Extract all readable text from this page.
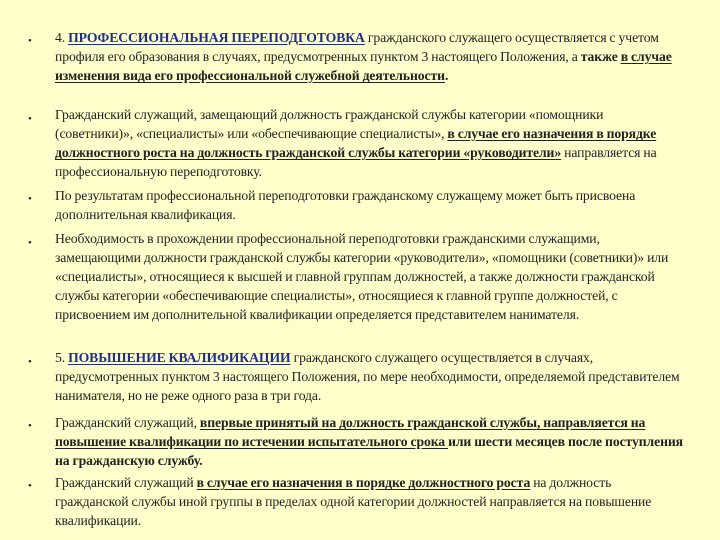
• 4. ПРОФЕССИОНАЛЬНАЯ ПЕРЕПОДГОТОВКА гражданского служащего осуществляется с учетом профиля его образования в случаях, предусмотренных пунктом 3 настоящего Положения, а также в случае изменения вида его профессиональной служебной деятельности.
• Гражданский служащий, замещающий должность гражданской службы категории «помощники (советники)», «специалисты» или «обеспечивающие специалисты», в случае его назначения в порядке должностного роста на должность гражданской службы категории «руководители» направляется на профессиональную переподготовку.
• По результатам профессиональной переподготовки гражданскому служащему может быть присвоена дополнительная квалификация.
• Необходимость в прохождении профессиональной переподготовки гражданскими служащими, замещающими должности гражданской службы категории «руководители», «помощники (советники)» или «специалисты», относящиеся к высшей и главной группам должностей, а также должности гражданской службы категории «обеспечивающие специалисты», относящиеся к главной группе должностей, с присвоением им дополнительной квалификации определяется представителем нанимателя.
• 5. ПОВЫШЕНИЕ КВАЛИФИКАЦИИ гражданского служащего осуществляется в случаях, предусмотренных пунктом 3 настоящего Положения, по мере необходимости, определяемой представителем нанимателя, но не реже одного раза в три года.
• Гражданский служащий, впервые принятый на должность гражданской службы, направляется на повышение квалификации по истечении испытательного срока или шести месяцев после поступления на гражданскую службу.
• Гражданский служащий в случае его назначения в порядке должностного роста на должность гражданской службы иной группы в пределах одной категории должностей направляется на повышение квалификации.
